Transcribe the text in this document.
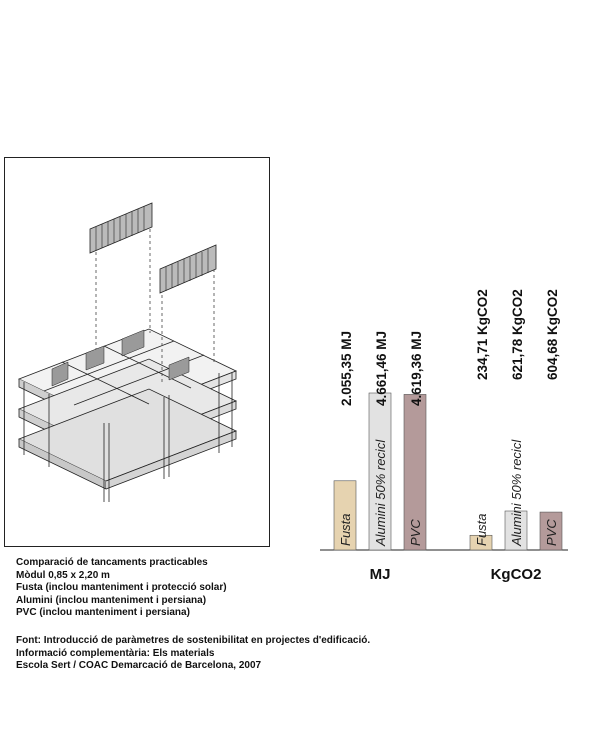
Fusta
2.055,35 MJ
Alumini 50% recicl
4.661,46 MJ
PVC
4.619,36 MJ
MJ
Fusta
234,71 KgCO2
Alumini 50% recicl
621,78 KgCO2
PVC
604,68 KgCO2
KgCO2
Comparació de tancaments practicables
Mòdul 0,85 x 2,20 m
Fusta (inclou manteniment i protecció solar)
Alumini (inclou manteniment i persiana)
PVC (inclou manteniment i persiana)
Font: Introducció de paràmetres de sostenibilitat en projectes d'edificació.
Informació complementària: Els materials
Escola Sert / COAC Demarcació de Barcelona, 2007
